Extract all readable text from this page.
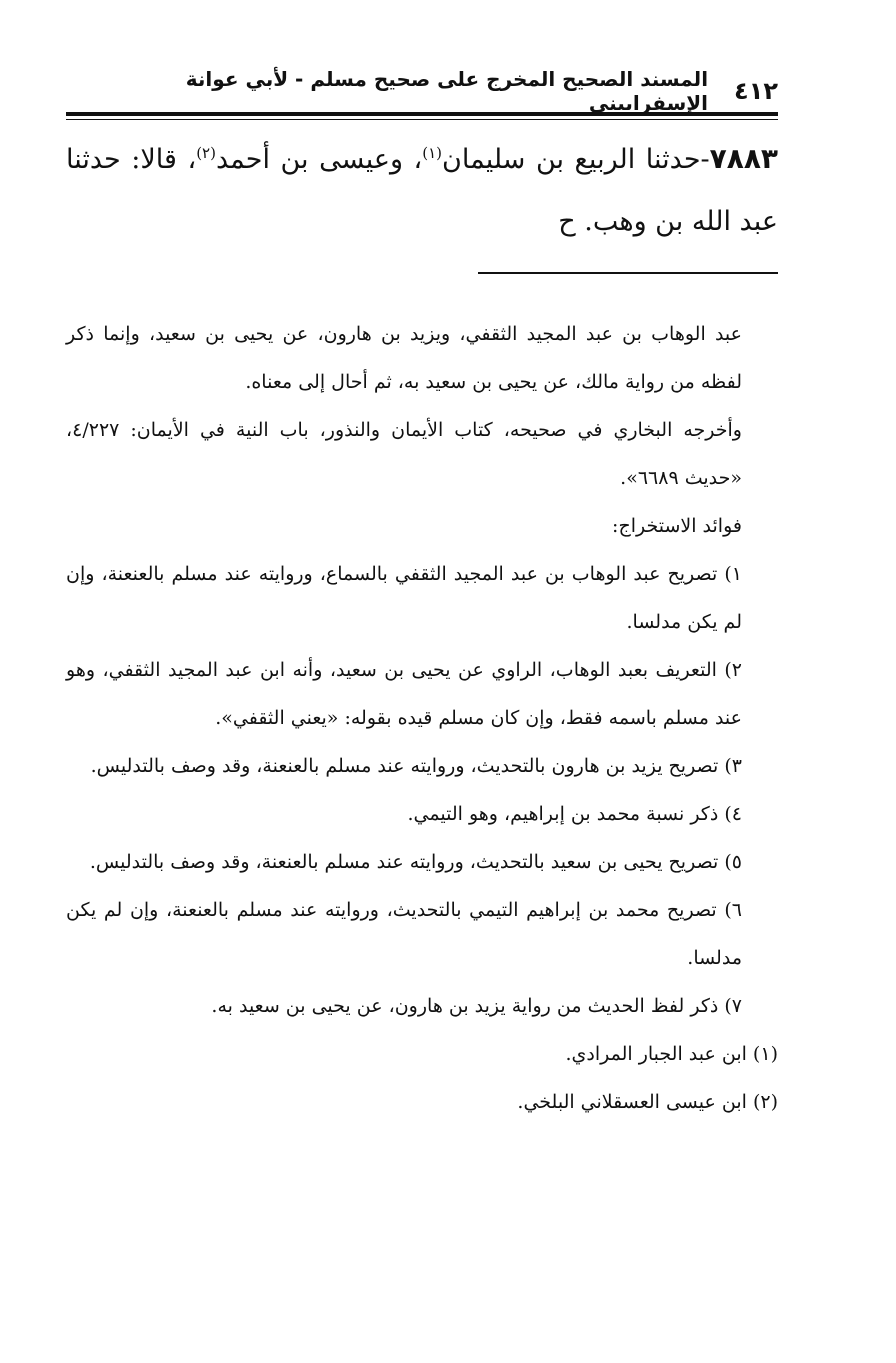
٤١٢
المسند الصحيح المخرج على صحيح مسلم - لأبي عوانة الإسفراييني
٧٨٨٣-حدثنا الربيع بن سليمان$^{(١)}$، وعيسى بن أحمد$^{(٢)}$، قالا: حدثنا عبد الله بن وهب. ح

عبد الوهاب بن عبد المجيد الثقفي، ويزيد بن هارون، عن يحيى بن سعيد، وإنما ذكر لفظه من رواية مالك، عن يحيى بن سعيد به، ثم أحال إلى معناه.

وأخرجه البخاري في صحيحه، كتاب الأيمان والنذور، باب النية في الأيمان: ٤/٢٢٧، «حديث ٦٦٨٩».

فوائد الاستخراج:

١) تصريح عبد الوهاب بن عبد المجيد الثقفي بالسماع، وروايته عند مسلم بالعنعنة، وإن لم يكن مدلسا.

٢) التعريف بعبد الوهاب، الراوي عن يحيى بن سعيد، وأنه ابن عبد المجيد الثقفي، وهو عند مسلم باسمه فقط، وإن كان مسلم قيده بقوله: «يعني الثقفي».

٣) تصريح يزيد بن هارون بالتحديث، وروايته عند مسلم بالعنعنة، وقد وصف بالتدليس.

٤) ذكر نسبة محمد بن إبراهيم، وهو التيمي.

٥) تصريح يحيى بن سعيد بالتحديث، وروايته عند مسلم بالعنعنة، وقد وصف بالتدليس.

٦) تصريح محمد بن إبراهيم التيمي بالتحديث، وروايته عند مسلم بالعنعنة، وإن لم يكن مدلسا.

٧) ذكر لفظ الحديث من رواية يزيد بن هارون، عن يحيى بن سعيد به.

(١) ابن عبد الجبار المرادي.

(٢) ابن عيسى العسقلاني البلخي.
